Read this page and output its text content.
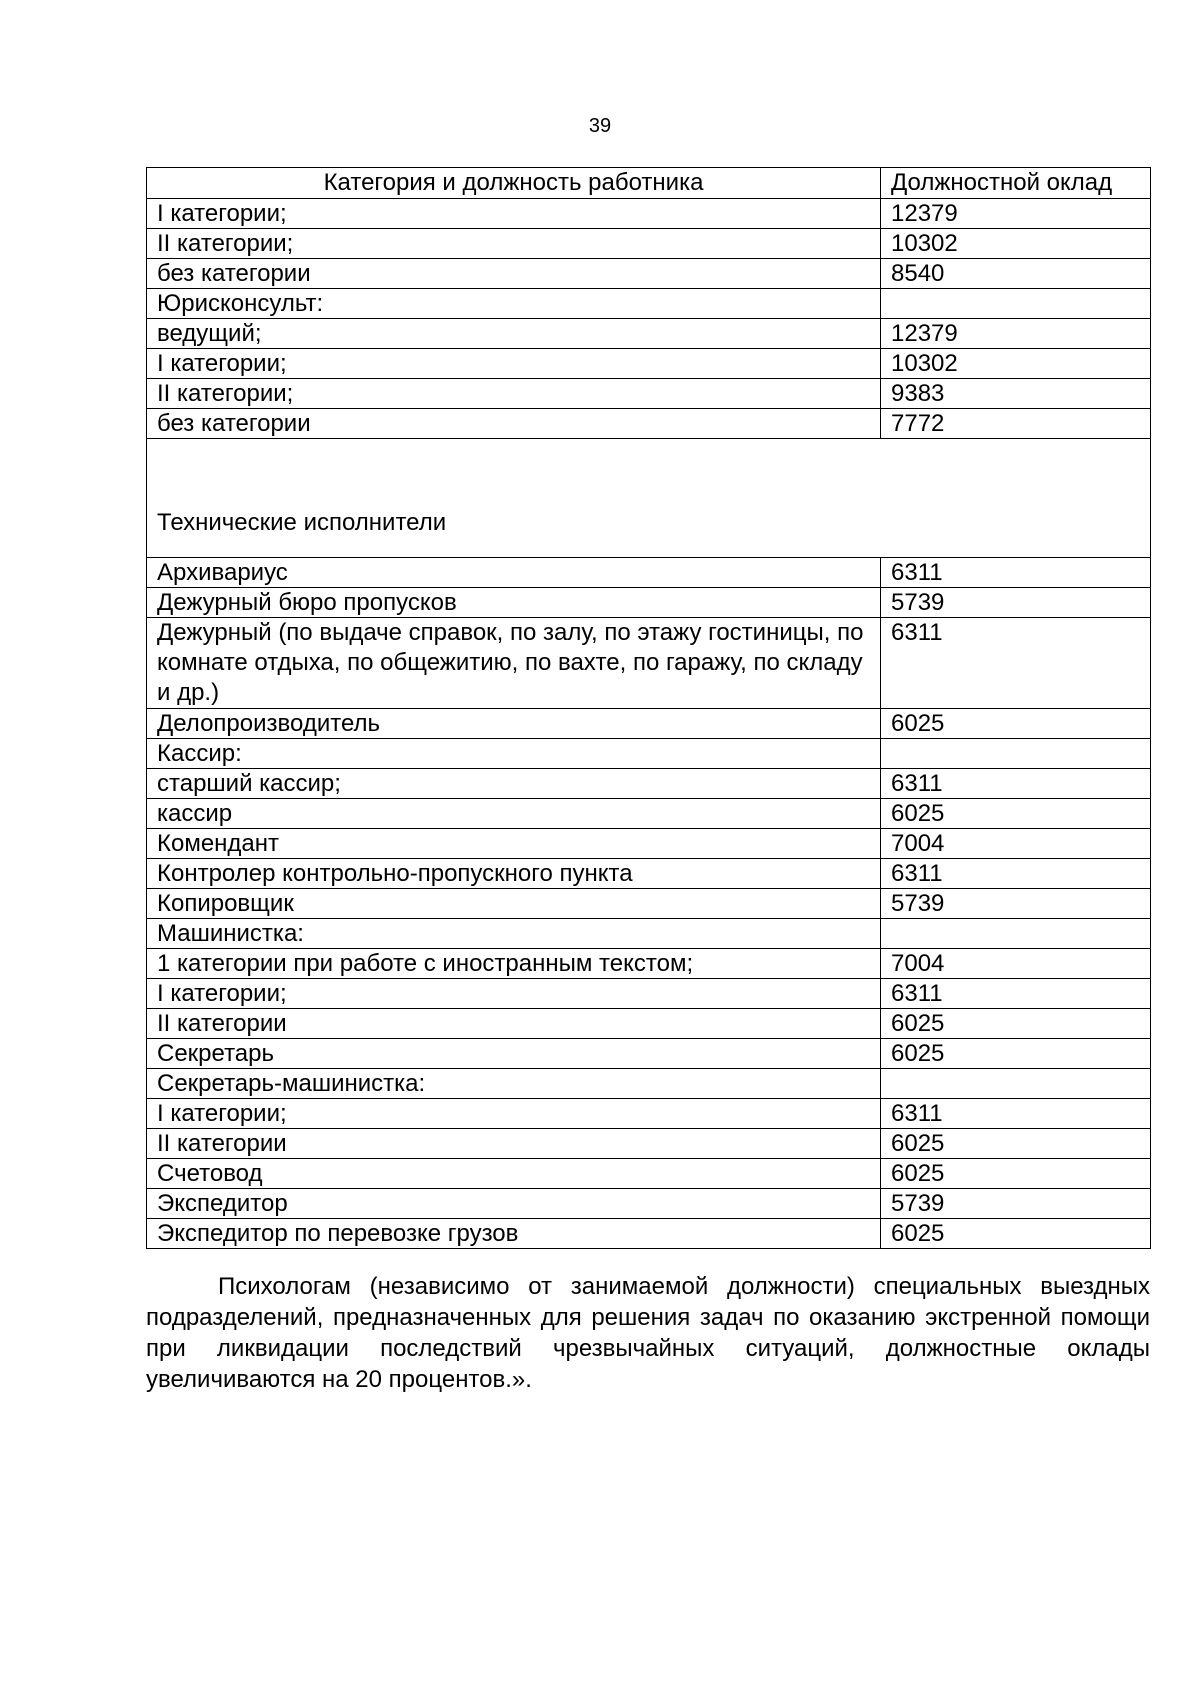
39
Категория и должность работника	Должностной оклад
I категории;	12379
II категории;	10302
без категории	8540
Юрисконсульт:	
ведущий;	12379
I категории;	10302
II категории;	9383
без категории	7772
Технические исполнители	
Архивариус	6311
Дежурный бюро пропусков	5739
Дежурный (по выдаче справок, по залу, по этажу гостиницы, по комнате отдыха, по общежитию, по вахте, по гаражу, по складу и др.)	6311
Делопроизводитель	6025
Кассир:	
старший кассир;	6311
кассир	6025
Комендант	7004
Контролер контрольно-пропускного пункта	6311
Копировщик	5739
Машинистка:	
1 категории при работе с иностранным текстом;	7004
I категории;	6311
II категории	6025
Секретарь	6025
Секретарь-машинистка:	
I категории;	6311
II категории	6025
Счетовод	6025
Экспедитор	5739
Экспедитор по перевозке грузов	6025

Психологам (независимо от занимаемой должности) специальных выездных подразделений, предназначенных для решения задач по оказанию экстренной помощи при ликвидации последствий чрезвычайных ситуаций, должностные оклады увеличиваются на 20 процентов.».
